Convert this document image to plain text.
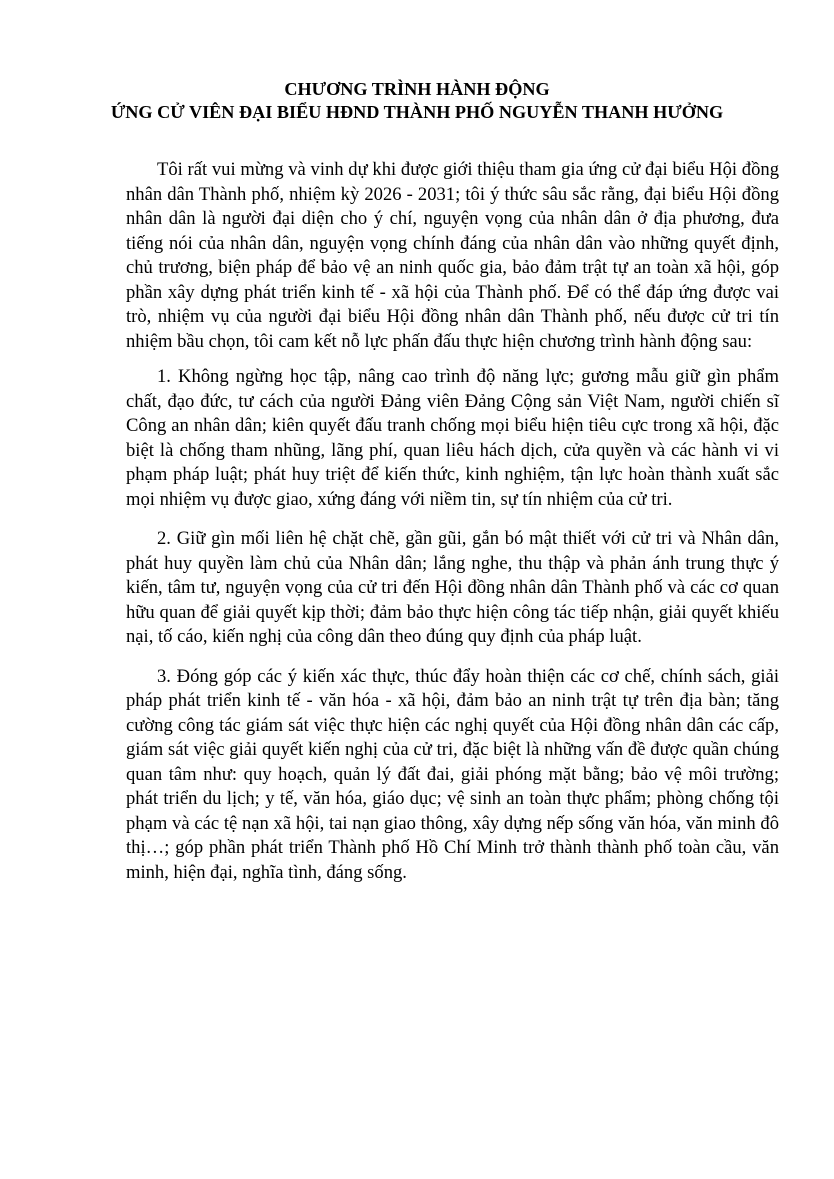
CHƯƠNG TRÌNH HÀNH ĐỘNG
ỨNG CỬ VIÊN ĐẠI BIỂU HĐND THÀNH PHỐ NGUYỄN THANH HƯỞNG

Tôi rất vui mừng và vinh dự khi được giới thiệu tham gia ứng cử đại biểu Hội đồng nhân dân Thành phố, nhiệm kỳ 2026 - 2031; tôi ý thức sâu sắc rằng, đại biểu Hội đồng nhân dân là người đại diện cho ý chí, nguyện vọng của nhân dân ở địa phương, đưa tiếng nói của nhân dân, nguyện vọng chính đáng của nhân dân vào những quyết định, chủ trương, biện pháp để bảo vệ an ninh quốc gia, bảo đảm trật tự an toàn xã hội, góp phần xây dựng phát triển kinh tế - xã hội của Thành phố. Để có thể đáp ứng được vai trò, nhiệm vụ của người đại biểu Hội đồng nhân dân Thành phố, nếu được cử tri tín nhiệm bầu chọn, tôi cam kết nỗ lực phấn đấu thực hiện chương trình hành động sau:

1. Không ngừng học tập, nâng cao trình độ năng lực; gương mẫu giữ gìn phẩm chất, đạo đức, tư cách của người Đảng viên Đảng Cộng sản Việt Nam, người chiến sĩ Công an nhân dân; kiên quyết đấu tranh chống mọi biểu hiện tiêu cực trong xã hội, đặc biệt là chống tham nhũng, lãng phí, quan liêu hách dịch, cửa quyền và các hành vi vi phạm pháp luật; phát huy triệt để kiến thức, kinh nghiệm, tận lực hoàn thành xuất sắc mọi nhiệm vụ được giao, xứng đáng với niềm tin, sự tín nhiệm của cử tri.

2. Giữ gìn mối liên hệ chặt chẽ, gần gũi, gắn bó mật thiết với cử tri và Nhân dân, phát huy quyền làm chủ của Nhân dân; lắng nghe, thu thập và phản ánh trung thực ý kiến, tâm tư, nguyện vọng của cử tri đến Hội đồng nhân dân Thành phố và các cơ quan hữu quan để giải quyết kịp thời; đảm bảo thực hiện công tác tiếp nhận, giải quyết khiếu nại, tố cáo, kiến nghị của công dân theo đúng quy định của pháp luật.

3. Đóng góp các ý kiến xác thực, thúc đẩy hoàn thiện các cơ chế, chính sách, giải pháp phát triển kinh tế - văn hóa - xã hội, đảm bảo an ninh trật tự trên địa bàn; tăng cường công tác giám sát việc thực hiện các nghị quyết của Hội đồng nhân dân các cấp, giám sát việc giải quyết kiến nghị của cử tri, đặc biệt là những vấn đề được quần chúng quan tâm như: quy hoạch, quản lý đất đai, giải phóng mặt bằng; bảo vệ môi trường; phát triển du lịch; y tế, văn hóa, giáo dục; vệ sinh an toàn thực phẩm; phòng chống tội phạm và các tệ nạn xã hội, tai nạn giao thông, xây dựng nếp sống văn hóa, văn minh đô thị…; góp phần phát triển Thành phố Hồ Chí Minh trở thành thành phố toàn cầu, văn minh, hiện đại, nghĩa tình, đáng sống.
